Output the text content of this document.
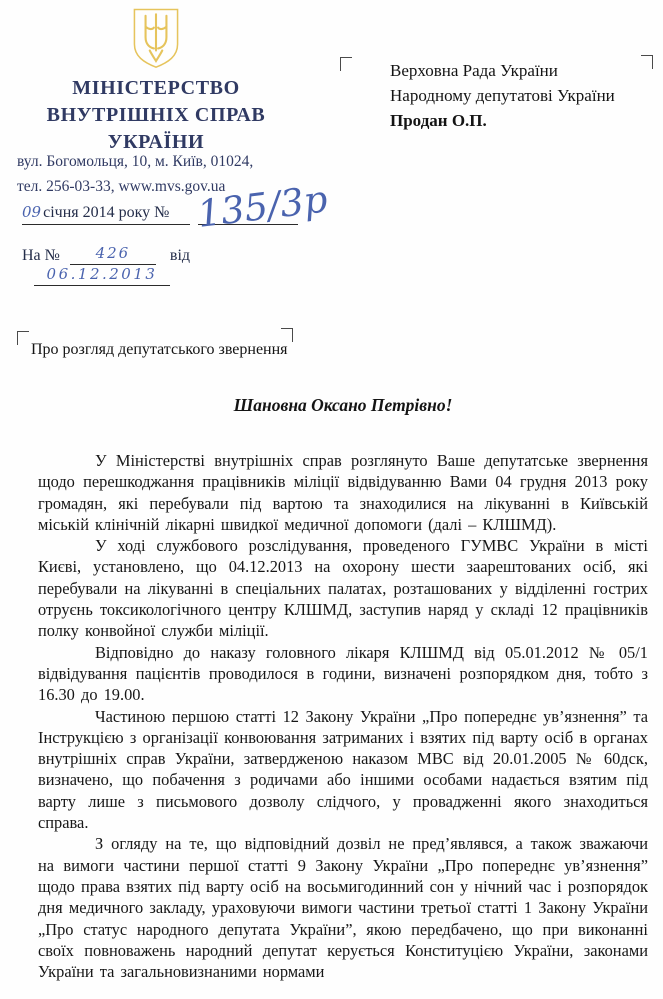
МІНІСТЕРСТВО
ВНУТРІШНІХ СПРАВ
УКРАЇНИ
вул. Богомольця, 10, м. Київ, 01024,
тел. 256-03-33, www.mvs.gov.ua
09 січня 2014 року № 135/3р
На № 426 від06.12.2013
Верховна Рада України
Народному депутатові України
Продан О.П.
Про розгляд депутатського звернення
Шановна Оксано Петрівно!

У Міністерстві внутрішніх справ розглянуто Ваше депутатське звернення щодо перешкоджання працівників міліції відвідуванню Вами 04 грудня 2013 року громадян, які перебували під вартою та знаходилися на лікуванні в Київській міській клінічній лікарні швидкої медичної допомоги (далі – КЛШМД).

У ході службового розслідування, проведеного ГУМВС України в місті Києві, установлено, що 04.12.2013 на охорону шести заарештованих осіб, які перебували на лікуванні в спеціальних палатах, розташованих у відділенні гострих отруєнь токсикологічного центру КЛШМД, заступив наряд у складі 12 працівників полку конвойної служби міліції.

Відповідно до наказу головного лікаря КЛШМД від 05.01.2012 № 05/1 відвідування пацієнтів проводилося в години, визначені розпорядком дня, тобто з 16.30 до 19.00.

Частиною першою статті 12 Закону України „Про попереднє ув’язнення” та Інструкцією з організації конвоювання затриманих і взятих під варту осіб в органах внутрішніх справ України, затвердженою наказом МВС від 20.01.2005 № 60дск, визначено, що побачення з родичами або іншими особами надається взятим під варту лише з письмового дозволу слідчого, у провадженні якого знаходиться справа.

З огляду на те, що відповідний дозвіл не пред’являвся, а також зважаючи на вимоги частини першої статті 9 Закону України „Про попереднє ув’язнення” щодо права взятих під варту осіб на восьмигодинний сон у нічний час і розпорядок дня медичного закладу, ураховуючи вимоги частини третьої статті 1 Закону України „Про статус народного депутата України”, якою передбачено, що при виконанні своїх повноважень народний депутат керується Конституцією України, законами України та загальновизнаними нормами
